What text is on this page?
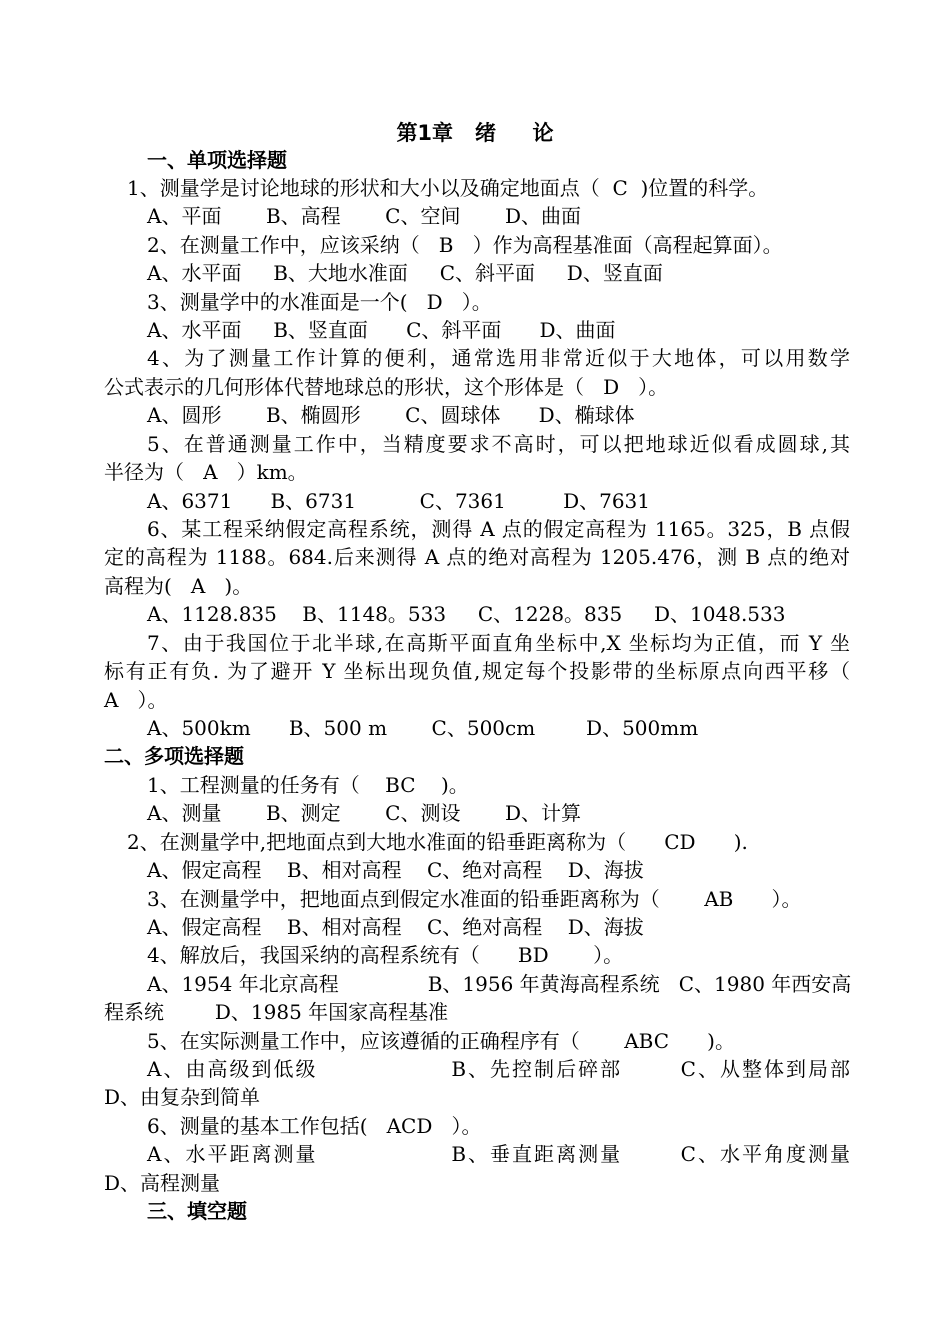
第1章   绪     论
一、单项选择题
1、测量学是讨论地球的形状和大小以及确定地面点（  C  )位置的科学。
A、平面       B、高程       C、空间       D、曲面
2、在测量工作中，应该采纳（   B   ）作为高程基准面（高程起算面）。
A、水平面     B、大地水准面     C、斜平面     D、竖直面
3、测量学中的水准面是一个(   D   ）。
A、水平面     B、竖直面      C、斜平面      D、曲面
4、为了测量工作计算的便利，通常选用非常近似于大地体，可以用数学
公式表示的几何形体代替地球总的形状，这个形体是（   D   ）。
A、圆形       B、椭圆形       C、圆球体      D、椭球体
5、在普通测量工作中，当精度要求不高时，可以把地球近似看成圆球,其
半径为（   A   ）km。
A、6371      B、6731          C、7361         D、7631
6、某工程采纳假定高程系统，测得 A 点的假定高程为 1165。325，B 点假
定的高程为 1188。684.后来测得 A 点的绝对高程为 1205.476，测 B 点的绝对
高程为(   A   )。
A、1128.835    B、1148。533     C、1228。835     D、1048.533
7、由于我国位于北半球,在高斯平面直角坐标中,X 坐标均为正值，而 Y 坐
标有正有负. 为了避开 Y 坐标出现负值,规定每个投影带的坐标原点向西平移（
A   ）。
A、500km      B、500 m       C、500cm        D、500mm
二、多项选择题
1、工程测量的任务有（    BC    )。
A、测量       B、测定       C、测设       D、计算
2、在测量学中,把地面点到大地水准面的铅垂距离称为（      CD      ).
A、假定高程    B、相对高程    C、绝对高程    D、海拔
3、在测量学中，把地面点到假定水准面的铅垂距离称为（       AB      ）。
A、假定高程    B、相对高程    C、绝对高程    D、海拔
4、解放后，我国采纳的高程系统有（      BD       ）。
A、1954 年北京高程              B、1956 年黄海高程系统   C、1980 年西安高
程系统        D、1985 年国家高程基准
5、在实际测量工作中，应该遵循的正确程序有（       ABC      )。
A、由高级到低级                B、先控制后碎部       C、从整体到局部
D、由复杂到简单
6、测量的基本工作包括(   ACD   ）。
A、水平距离测量                B、垂直距离测量       C、水平角度测量
D、高程测量
三、填空题
